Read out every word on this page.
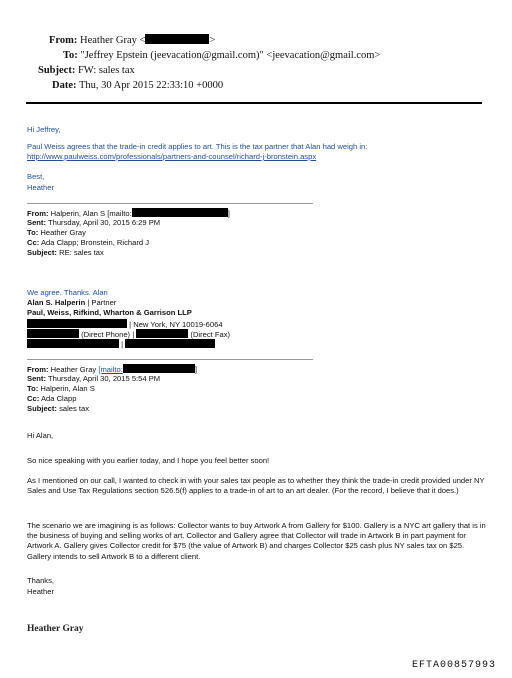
From: Heather Gray <	>
To: "Jeffrey Epstein (jeevacation@gmail.com)" <jeevacation@gmail.com>
Subject: FW: sales tax
Date: Thu, 30 Apr 2015 22:33:10 +0000
Hi Jeffrey,
Paul Weiss agrees that the trade-in credit applies to art. This is the tax partner that Alan had weigh in:
http://www.paulweiss.com/professionals/partners-and-counsel/richard-j-bronstein.aspx
Best,
Heather
From: Halperin, Alan S [mailto:	]
Sent: Thursday, April 30, 2015 6:29 PM
To: Heather Gray
Cc: Ada Clapp; Bronstein, Richard J
Subject: RE: sales tax
We agree. Thanks. Alan
Alan S. Halperin | Partner
Paul, Weiss, Rifkind, Wharton & Garrison LLP
| New York, NY 10019-6064
(Direct Phone) |	(Direct Fax)
|
From: Heather Gray [mailto:	]
Sent: Thursday, April 30, 2015 5:54 PM
To: Halperin, Alan S
Cc: Ada Clapp
Subject: sales tax
Hi Alan,
So nice speaking with you earlier today, and I hope you feel better soon!
As I mentioned on our call, I wanted to check in with your sales tax people as to whether they think the trade-in credit provided under NY Sales and Use Tax Regulations section 526.5(f) applies to a trade-in of art to an art dealer. (For the record, I believe that it does.)
The scenario we are imagining is as follows: Collector wants to buy Artwork A from Gallery for $100. Gallery is a NYC art gallery that is in the business of buying and selling works of art. Collector and Gallery agree that Collector will trade in Artwork B in part payment for Artwork A. Gallery gives Collector credit for $75 (the value of Artwork B) and charges Collector $25 cash plus NY sales tax on $25. Gallery intends to sell Artwork B to a different client.
Thanks,
Heather
Heather Gray
EFTA00857993
